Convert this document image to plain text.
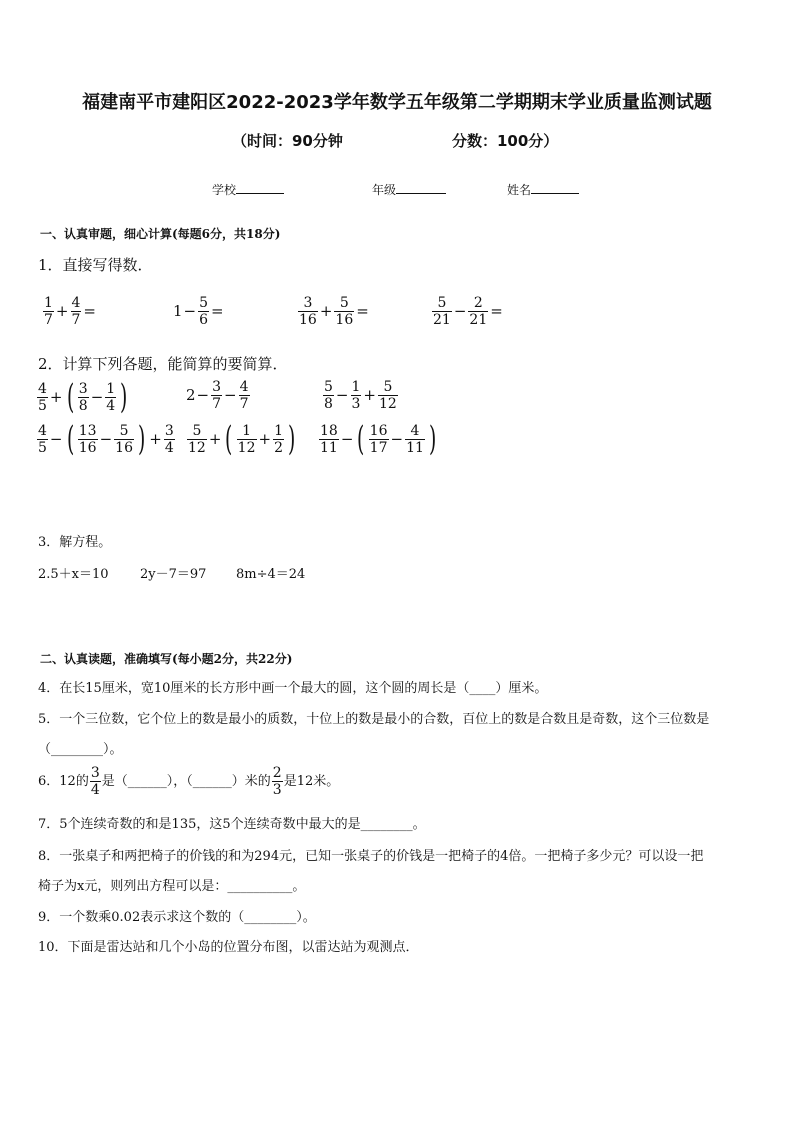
福建南平市建阳区2022-2023学年数学五年级第二学期期末学业质量监测试题
（时间：90分钟	分数：100分）
学校	年级	姓名
一、认真审题，细心计算(每题6分，共18分)
1．直接写得数．
$\frac{1}{7} + \frac{4}{7}$ =	$1 - \frac{5}{6}$ =	$\frac{3}{16} + \frac{5}{16}$ =	$\frac{5}{21} - \frac{2}{21}$ =
2．计算下列各题，能简算的要简算．
$\frac{4}{5}$ + ( $\frac{3}{8} - \frac{1}{4}$ )	$2 - \frac{3}{7} - \frac{4}{7}$	$\frac{5}{8} - \frac{1}{3} + \frac{5}{12}$
$\frac{4}{5}$ − ( $\frac{13}{16} - \frac{5}{16}$ ) + $\frac{3}{4} \frac{5}{12}$ + ( $\frac{1}{12} + \frac{1}{2}$ ) $\frac{18}{11}$ − ( $\frac{16}{17} - \frac{4}{11}$ )
3．解方程。
2.5＋x＝10 2y－7＝97 8m÷4＝24
二、认真读题，准确填写(每小题2分，共22分)
4．在长15厘米，宽10厘米的长方形中画一个最大的圆，这个圆的周长是（____）厘米。
5．一个三位数，它个位上的数是最小的质数，十位上的数是最小的合数，百位上的数是合数且是奇数，这个三位数是
（________）。
6．12的 $\frac{3}{4}$ 是（______），（______）米的 $\frac{2}{3}$ 是12米。
7．5个连续奇数的和是135，这5个连续奇数中最大的是________。
8．一张桌子和两把椅子的价钱的和为294元，已知一张桌子的价钱是一把椅子的4倍。一把椅子多少元？可以设一把
椅子为x元，则列出方程可以是：__________。
9．一个数乘0.02表示求这个数的（________）。
10．下面是雷达站和几个小岛的位置分布图，以雷达站为观测点．
